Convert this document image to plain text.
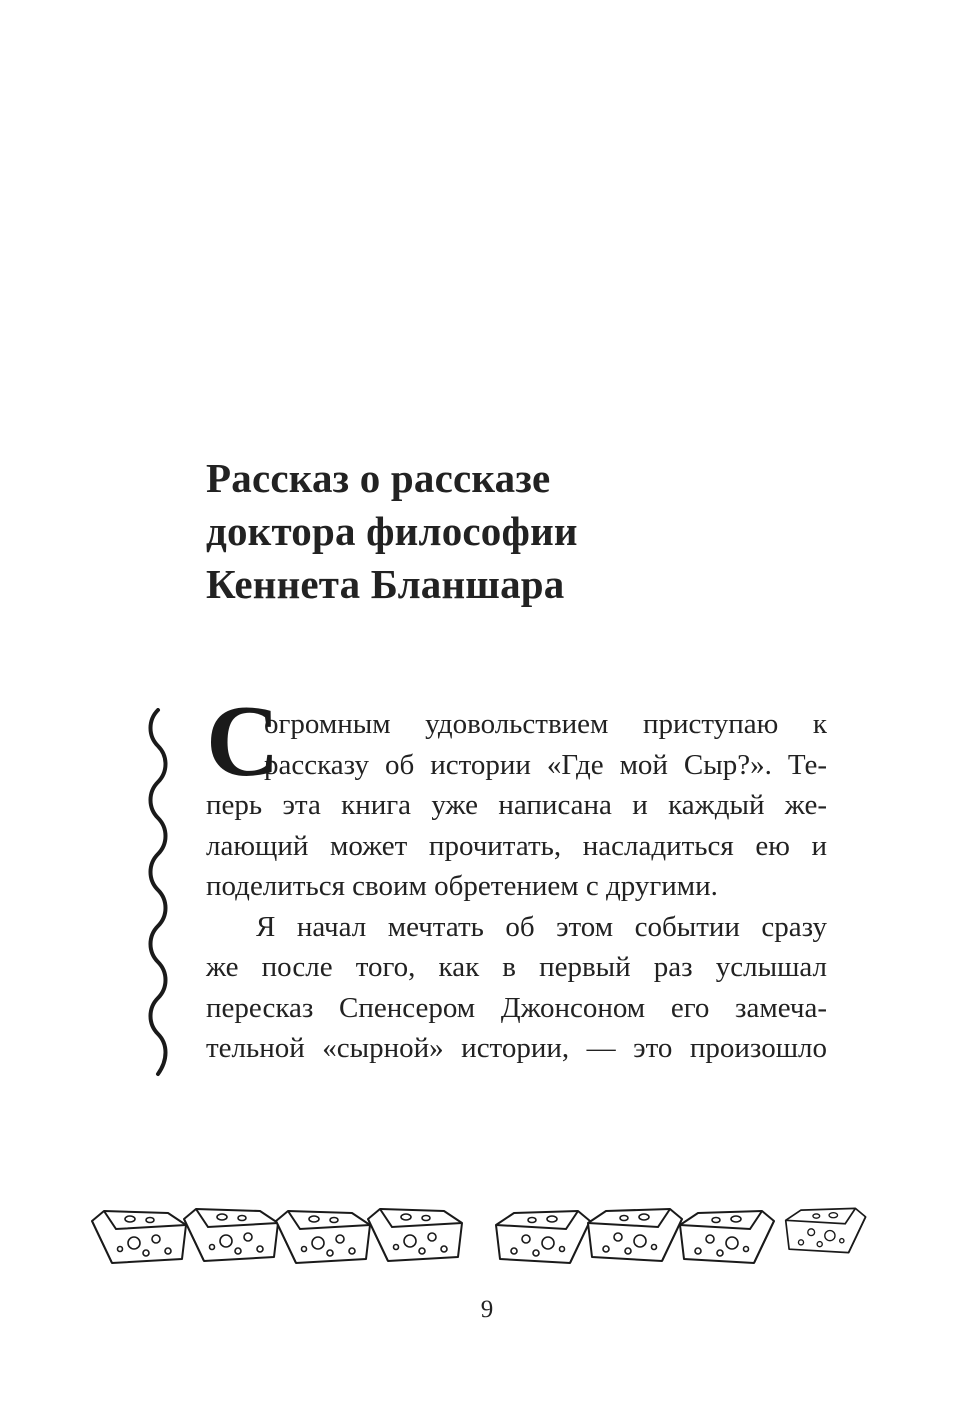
Рассказ о рассказе
доктора философии
Кеннета Бланшара
С
огромным удовольствием приступаю к
рассказу об истории «Где мой Сыр?». Те-
перь эта книга уже написана и каждый же-
лающий может прочитать, насладиться ею и
поделиться своим обретением с другими.
Я начал мечтать об этом событии сразу
же после того, как в первый раз услышал
пересказ Спенсером Джонсоном его замеча-
тельной «сырной» истории, — это произошло
9
